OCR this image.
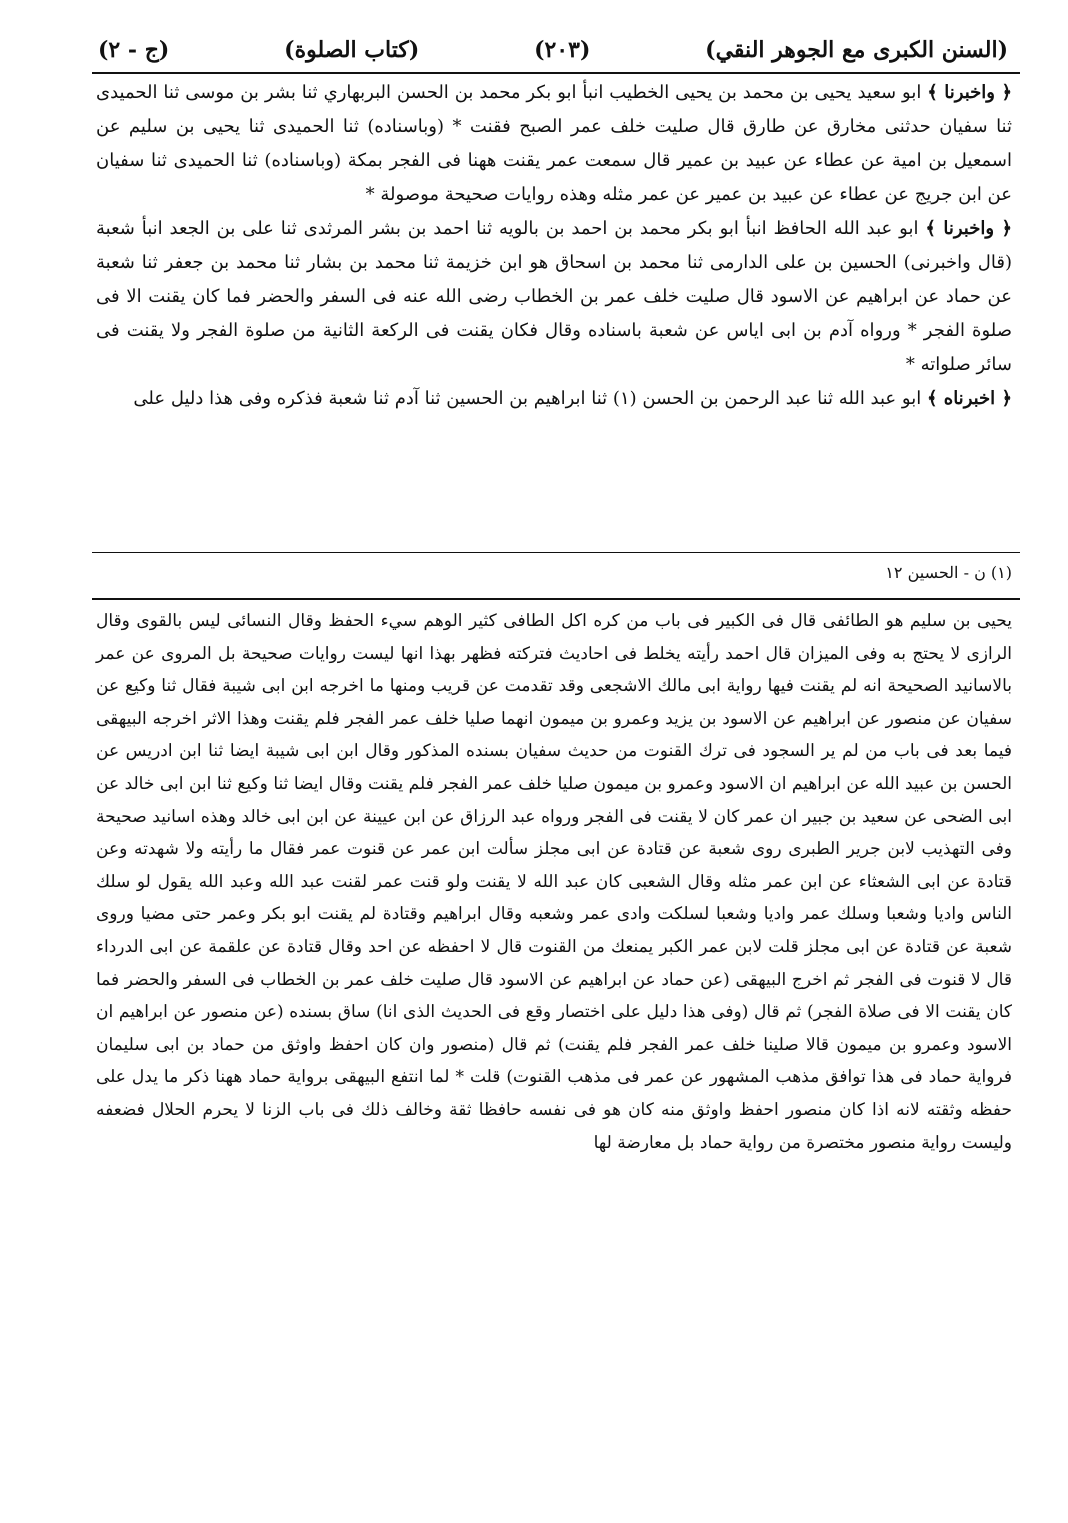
(السنن الكبرى مع الجوهر النقي)
(٢٠٣)
(كتاب الصلوة)
(ج - ٢)

﴿ واخبرنا ﴾ ابو سعيد يحيى بن محمد بن يحيى الخطيب انبأ ابو بكر محمد بن الحسن البربهاري ثنا بشر بن موسى ثنا الحميدى ثنا سفيان حدثنى مخارق عن طارق قال صليت خلف عمر الصبح فقنت * (وباسناده) ثنا الحميدى ثنا يحيى بن سليم عن اسمعيل بن امية عن عطاء عن عبيد بن عمير قال سمعت عمر يقنت ههنا فى الفجر بمكة (وباسناده) ثنا الحميدى ثنا سفيان عن ابن جريج عن عطاء عن عبيد بن عمير عن عمر مثله وهذه روايات صحيحة موصولة *

﴿ واخبرنا ﴾ ابو عبد الله الحافظ انبأ ابو بكر محمد بن احمد بن بالويه ثنا احمد بن بشر المرثدى ثنا على بن الجعد انبأ شعبة (قال واخبرنى) الحسين بن على الدارمى ثنا محمد بن اسحاق هو ابن خزيمة ثنا محمد بن بشار ثنا محمد بن جعفر ثنا شعبة عن حماد عن ابراهيم عن الاسود قال صليت خلف عمر بن الخطاب رضى الله عنه فى السفر والحضر فما كان يقنت الا فى صلوة الفجر * ورواه آدم بن ابى اياس عن شعبة باسناده وقال فكان يقنت فى الركعة الثانية من صلوة الفجر ولا يقنت فى سائر صلواته *

﴿ اخبرناه ﴾ ابو عبد الله ثنا عبد الرحمن بن الحسن (١) ثنا ابراهيم بن الحسين ثنا آدم ثنا شعبة فذكره وفى هذا دليل على

(١) ن - الحسين ١٢

يحيى بن سليم هو الطائفى قال فى الكبير فى باب من كره اكل الطافى كثير الوهم سيء الحفظ وقال النسائى ليس بالقوى وقال الرازى لا يحتج به وفى الميزان قال احمد رأيته يخلط فى احاديث فتركته فظهر بهذا انها ليست روايات صحيحة بل المروى عن عمر بالاسانيد الصحيحة انه لم يقنت فيها رواية ابى مالك الاشجعى وقد تقدمت عن قريب ومنها ما اخرجه ابن ابى شيبة فقال ثنا وكيع عن سفيان عن منصور عن ابراهيم عن الاسود بن يزيد وعمرو بن ميمون انهما صليا خلف عمر الفجر فلم يقنت وهذا الاثر اخرجه البيهقى فيما بعد فى باب من لم ير السجود فى ترك القنوت من حديث سفيان بسنده المذكور وقال ابن ابى شيبة ايضا ثنا ابن ادريس عن الحسن بن عبيد الله عن ابراهيم ان الاسود وعمرو بن ميمون صليا خلف عمر الفجر فلم يقنت وقال ايضا ثنا وكيع ثنا ابن ابى خالد عن ابى الضحى عن سعيد بن جبير ان عمر كان لا يقنت فى الفجر ورواه عبد الرزاق عن ابن عيينة عن ابن ابى خالد وهذه اسانيد صحيحة وفى التهذيب لابن جرير الطبرى روى شعبة عن قتادة عن ابى مجلز سألت ابن عمر عن قنوت عمر فقال ما رأيته ولا شهدته وعن قتادة عن ابى الشعثاء عن ابن عمر مثله وقال الشعبى كان عبد الله لا يقنت ولو قنت عمر لقنت عبد الله وعبد الله يقول لو سلك الناس واديا وشعبا وسلك عمر واديا وشعبا لسلكت وادى عمر وشعبه وقال ابراهيم وقتادة لم يقنت ابو بكر وعمر حتى مضيا وروى شعبة عن قتادة عن ابى مجلز قلت لابن عمر الكبر يمنعك من القنوت قال لا احفظه عن احد وقال قتادة عن علقمة عن ابى الدرداء قال لا قنوت فى الفجر ثم اخرج البيهقى (عن حماد عن ابراهيم عن الاسود قال صليت خلف عمر بن الخطاب فى السفر والحضر فما كان يقنت الا فى صلاة الفجر) ثم قال (وفى هذا دليل على اختصار وقع فى الحديث الذى انا) ساق بسنده (عن منصور عن ابراهيم ان الاسود وعمرو بن ميمون قالا صلينا خلف عمر الفجر فلم يقنت) ثم قال (منصور وان كان احفظ واوثق من حماد بن ابى سليمان فرواية حماد فى هذا توافق مذهب المشهور عن عمر فى مذهب القنوت) قلت * لما انتفع البيهقى برواية حماد ههنا ذكر ما يدل على حفظه وثقته لانه اذا كان منصور احفظ واوثق منه كان هو فى نفسه حافظا ثقة وخالف ذلك فى باب الزنا لا يحرم الحلال فضعفه وليست رواية منصور مختصرة من رواية حماد بل معارضة لها
